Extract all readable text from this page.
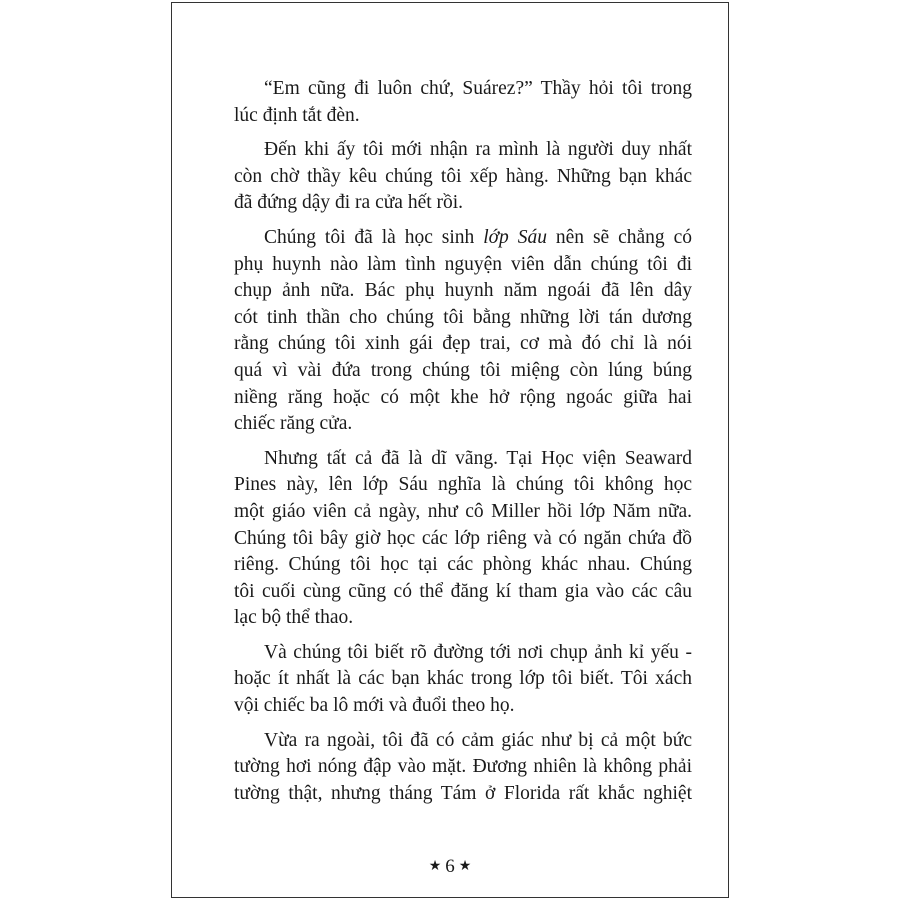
“Em cũng đi luôn chứ, Suárez?” Thầy hỏi tôi trong
lúc định tắt đèn.
Đến khi ấy tôi mới nhận ra mình là người duy nhất
còn chờ thầy kêu chúng tôi xếp hàng. Những bạn khác
đã đứng dậy đi ra cửa hết rồi.
Chúng tôi đã là học sinh lớp Sáu nên sẽ chẳng có
phụ huynh nào làm tình nguyện viên dẫn chúng tôi đi
chụp ảnh nữa. Bác phụ huynh năm ngoái đã lên dây
cót tinh thần cho chúng tôi bằng những lời tán dương
rằng chúng tôi xinh gái đẹp trai, cơ mà đó chỉ là nói
quá vì vài đứa trong chúng tôi miệng còn lúng búng
niềng răng hoặc có một khe hở rộng ngoác giữa hai
chiếc răng cửa.
Nhưng tất cả đã là dĩ vãng. Tại Học viện Seaward
Pines này, lên lớp Sáu nghĩa là chúng tôi không học
một giáo viên cả ngày, như cô Miller hồi lớp Năm nữa.
Chúng tôi bây giờ học các lớp riêng và có ngăn chứa đồ
riêng. Chúng tôi học tại các phòng khác nhau. Chúng
tôi cuối cùng cũng có thể đăng kí tham gia vào các câu
lạc bộ thể thao.
Và chúng tôi biết rõ đường tới nơi chụp ảnh kỉ yếu -
hoặc ít nhất là các bạn khác trong lớp tôi biết. Tôi xách
vội chiếc ba lô mới và đuổi theo họ.
Vừa ra ngoài, tôi đã có cảm giác như bị cả một bức
tường hơi nóng đập vào mặt. Đương nhiên là không phải
tường thật, nhưng tháng Tám ở Florida rất khắc nghiệt
★ 6 ★
